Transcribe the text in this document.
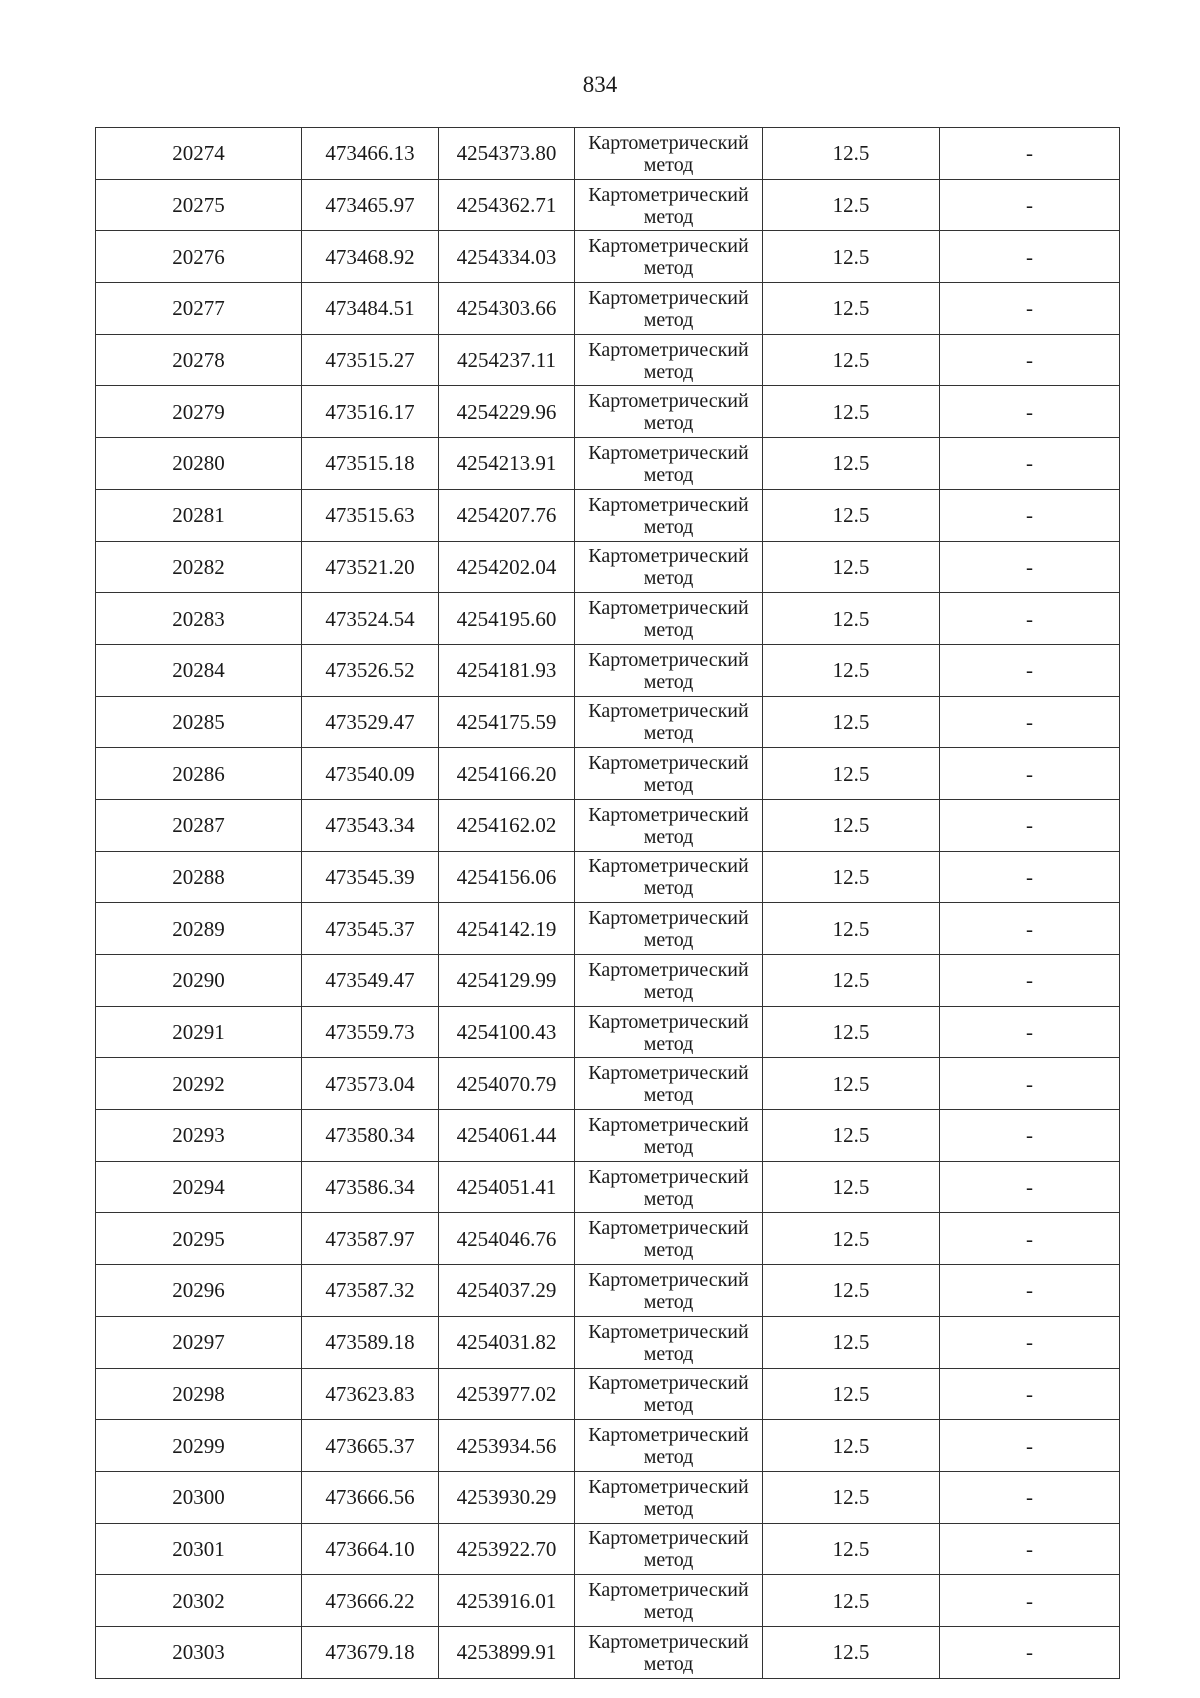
834
20274	473466.13	4254373.80	Картометрический метод	12.5	-
20275	473465.97	4254362.71	Картометрический метод	12.5	-
20276	473468.92	4254334.03	Картометрический метод	12.5	-
20277	473484.51	4254303.66	Картометрический метод	12.5	-
20278	473515.27	4254237.11	Картометрический метод	12.5	-
20279	473516.17	4254229.96	Картометрический метод	12.5	-
20280	473515.18	4254213.91	Картометрический метод	12.5	-
20281	473515.63	4254207.76	Картометрический метод	12.5	-
20282	473521.20	4254202.04	Картометрический метод	12.5	-
20283	473524.54	4254195.60	Картометрический метод	12.5	-
20284	473526.52	4254181.93	Картометрический метод	12.5	-
20285	473529.47	4254175.59	Картометрический метод	12.5	-
20286	473540.09	4254166.20	Картометрический метод	12.5	-
20287	473543.34	4254162.02	Картометрический метод	12.5	-
20288	473545.39	4254156.06	Картометрический метод	12.5	-
20289	473545.37	4254142.19	Картометрический метод	12.5	-
20290	473549.47	4254129.99	Картометрический метод	12.5	-
20291	473559.73	4254100.43	Картометрический метод	12.5	-
20292	473573.04	4254070.79	Картометрический метод	12.5	-
20293	473580.34	4254061.44	Картометрический метод	12.5	-
20294	473586.34	4254051.41	Картометрический метод	12.5	-
20295	473587.97	4254046.76	Картометрический метод	12.5	-
20296	473587.32	4254037.29	Картометрический метод	12.5	-
20297	473589.18	4254031.82	Картометрический метод	12.5	-
20298	473623.83	4253977.02	Картометрический метод	12.5	-
20299	473665.37	4253934.56	Картометрический метод	12.5	-
20300	473666.56	4253930.29	Картометрический метод	12.5	-
20301	473664.10	4253922.70	Картометрический метод	12.5	-
20302	473666.22	4253916.01	Картометрический метод	12.5	-
20303	473679.18	4253899.91	Картометрический метод	12.5	-
